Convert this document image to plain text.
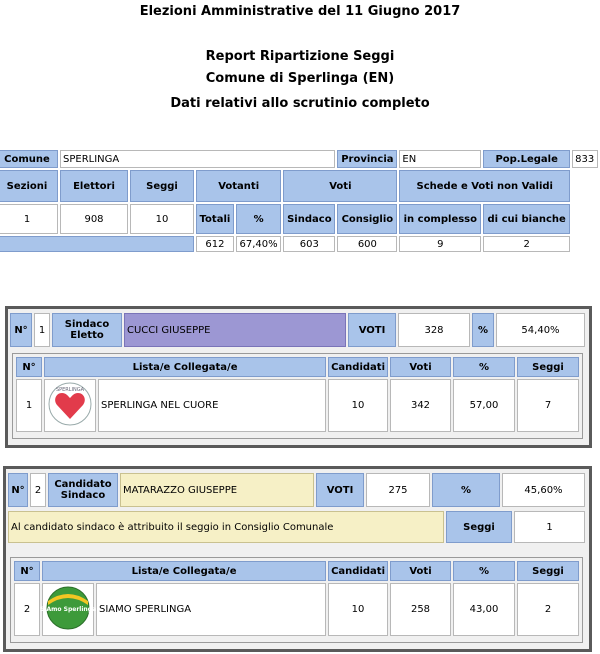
Elezioni Amministrative del 11 Giugno 2017
Report Ripartizione Seggi
Comune di Sperlinga (EN)
Dati relativi allo scrutinio completo
Comune	SPERLINGA					Provincia	EN	Pop.Legale	833
Sezioni	Elettori	Seggi	Votanti		Voti		Schede e Voti non Validi		
1	908	10	Totali	%	Sindaco	Consiglio	in complesso	di cui bianche	
			612	67,40%	603	600	9	2	
N°	1	Sindaco Eletto	CUCCI GIUSEPPE	VOTI	328	%	54,40%
N°	Lista/e Collegata/e		Candidati	Voti	%	Seggi
1	SPERLINGA	SPERLINGA NEL CUORE	10	342	57,00	7
N°	2	Candidato Sindaco	MATARAZZO GIUSEPPE	VOTI	275	%	45,60%
Al candidato sindaco è attribuito il seggio in Consiglio Comunale	Seggi	1
N°	Lista/e Collegata/e		Candidati	Voti	%	Seggi
2	SIAmo Sperlinga	SIAMO SPERLINGA	10	258	43,00	2
